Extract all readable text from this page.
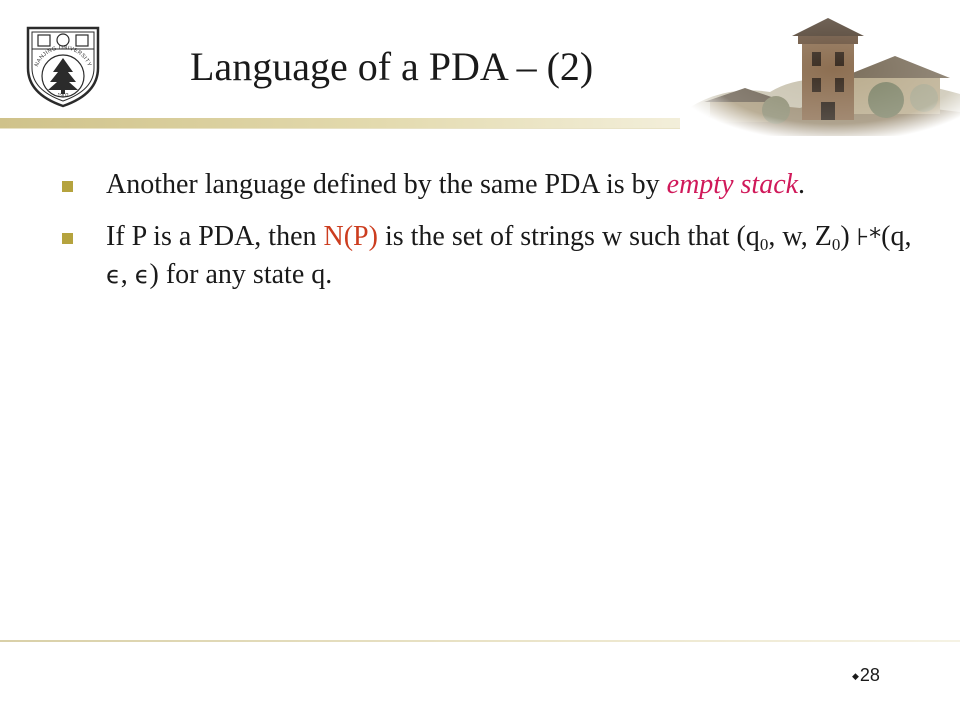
NANJING UNIVERSITY
1902
Language of a PDA – (2)
Another language defined by the same PDA is by empty stack.
If P is a PDA, then N(P) is the set of strings w such that ($q_0$, w, $Z_0$) ⊦*(q, ϵ, ϵ) for any state q.
◆28
